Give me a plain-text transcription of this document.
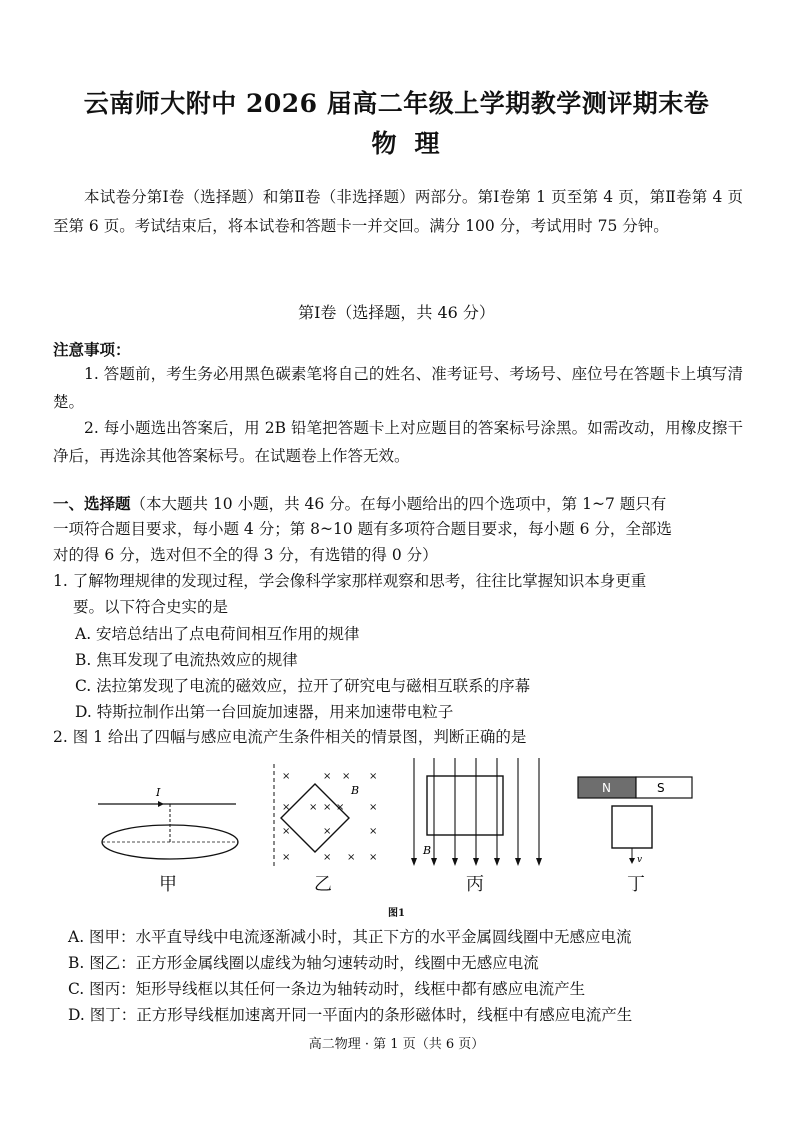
云南师大附中 2026 届高二年级上学期教学测评期末卷
物理
本试卷分第Ⅰ卷（选择题）和第Ⅱ卷（非选择题）两部分。第Ⅰ卷第 1 页至第 4 页，第Ⅱ卷第 4 页至第 6 页。考试结束后，将本试卷和答题卡一并交回。满分 100 分，考试用时 75 分钟。
第Ⅰ卷（选择题，共 46 分）
注意事项：
1. 答题前，考生务必用黑色碳素笔将自己的姓名、准考证号、考场号、座位号在答题卡上填写清楚。
2. 每小题选出答案后，用 2B 铅笔把答题卡上对应题目的答案标号涂黑。如需改动，用橡皮擦干净后，再选涂其他答案标号。在试题卷上作答无效。
一、选择题（本大题共 10 小题，共 46 分。在每小题给出的四个选项中，第 1~7 题只有
一项符合题目要求，每小题 4 分；第 8~10 题有多项符合题目要求，每小题 6 分，全部选
对的得 6 分，选对但不全的得 3 分，有选错的得 0 分）
1. 了解物理规律的发现过程，学会像科学家那样观察和思考，往往比掌握知识本身更重
要。以下符合史实的是
A. 安培总结出了点电荷间相互作用的规律
B. 焦耳发现了电流热效应的规律
C. 法拉第发现了电流的磁效应，拉开了研究电与磁相互联系的序幕
D. 特斯拉制作出第一台回旋加速器，用来加速带电粒子
2. 图 1 给出了四幅与感应电流产生条件相关的情景图，判断正确的是
I
甲
×	× × ×
× × × × ×
×	×	×
×	× × ×
B
乙
B
丙
N	S
v
丁
图1
A. 图甲：水平直导线中电流逐渐减小时，其正下方的水平金属圆线圈中无感应电流
B. 图乙：正方形金属线圈以虚线为轴匀速转动时，线圈中无感应电流
C. 图丙：矩形导线框以其任何一条边为轴转动时，线框中都有感应电流产生
D. 图丁：正方形导线框加速离开同一平面内的条形磁体时，线框中有感应电流产生
高二物理 · 第 1 页（共 6 页）
